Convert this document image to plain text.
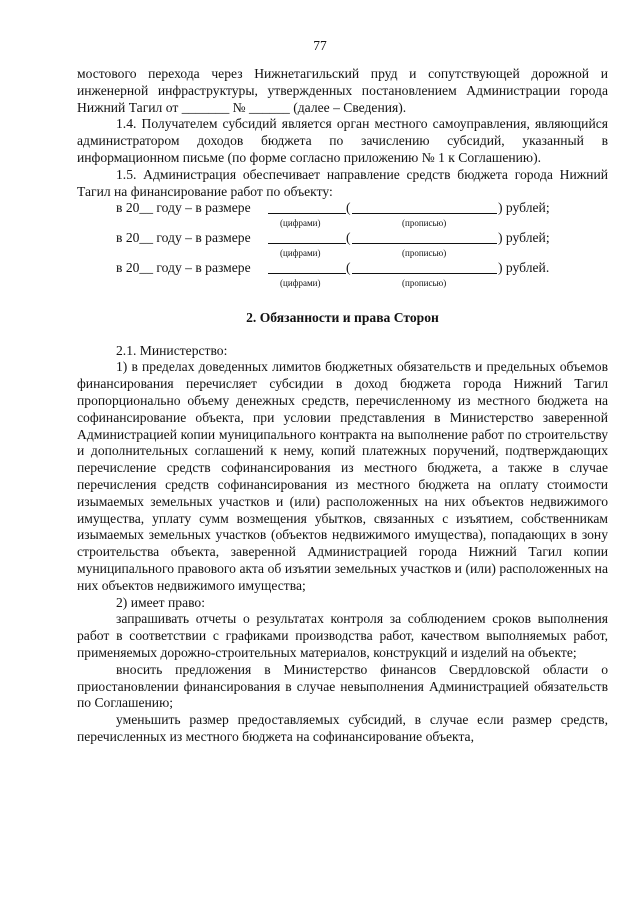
77

мостового перехода через Нижнетагильский пруд и сопутствующей дорожной и инженерной инфраструктуры, утвержденных постановлением Администрации города Нижний Тагил от _______ № ______ (далее – Сведения).

1.4. Получателем субсидий является орган местного самоуправления, являющийся администратором доходов бюджета по зачислению субсидий, указанный в информационном письме (по форме согласно приложению № 1 к Соглашению).

1.5. Администрация обеспечивает направление средств бюджета города Нижний Тагил на финансирование работ по объекту:

в 20__ году – в размере	(	) рублей;
(цифрами)	(прописью)
в 20__ году – в размере	(	) рублей;
(цифрами)	(прописью)
в 20__ году – в размере	(	) рублей.
(цифрами)	(прописью)

2. Обязанности и права Сторон

2.1. Министерство:

1) в пределах доведенных лимитов бюджетных обязательств и предельных объемов финансирования перечисляет субсидии в доход бюджета города Нижний Тагил пропорционально объему денежных средств, перечисленному из местного бюджета на софинансирование объекта, при условии представления в Министерство заверенной Администрацией копии муниципального контракта на выполнение работ по строительству и дополнительных соглашений к нему, копий платежных поручений, подтверждающих перечисление средств софинансирования из местного бюджета, а также в случае перечисления средств софинансирования из местного бюджета на оплату стоимости изымаемых земельных участков и (или) расположенных на них объектов недвижимого имущества, уплату сумм возмещения убытков, связанных с изъятием, собственникам изымаемых земельных участков (объектов недвижимого имущества), попадающих в зону строительства объекта, заверенной Администрацией города Нижний Тагил копии муниципального правового акта об изъятии земельных участков и (или) расположенных на них объектов недвижимого имущества;

2) имеет право:

запрашивать отчеты о результатах контроля за соблюдением сроков выполнения работ в соответствии с графиками производства работ, качеством выполняемых работ, применяемых дорожно-строительных материалов, конструкций и изделий на объекте;

вносить предложения в Министерство финансов Свердловской области о приостановлении финансирования в случае невыполнения Администрацией обязательств по Соглашению;

уменьшить размер предоставляемых субсидий, в случае если размер средств, перечисленных из местного бюджета на софинансирование объекта,
